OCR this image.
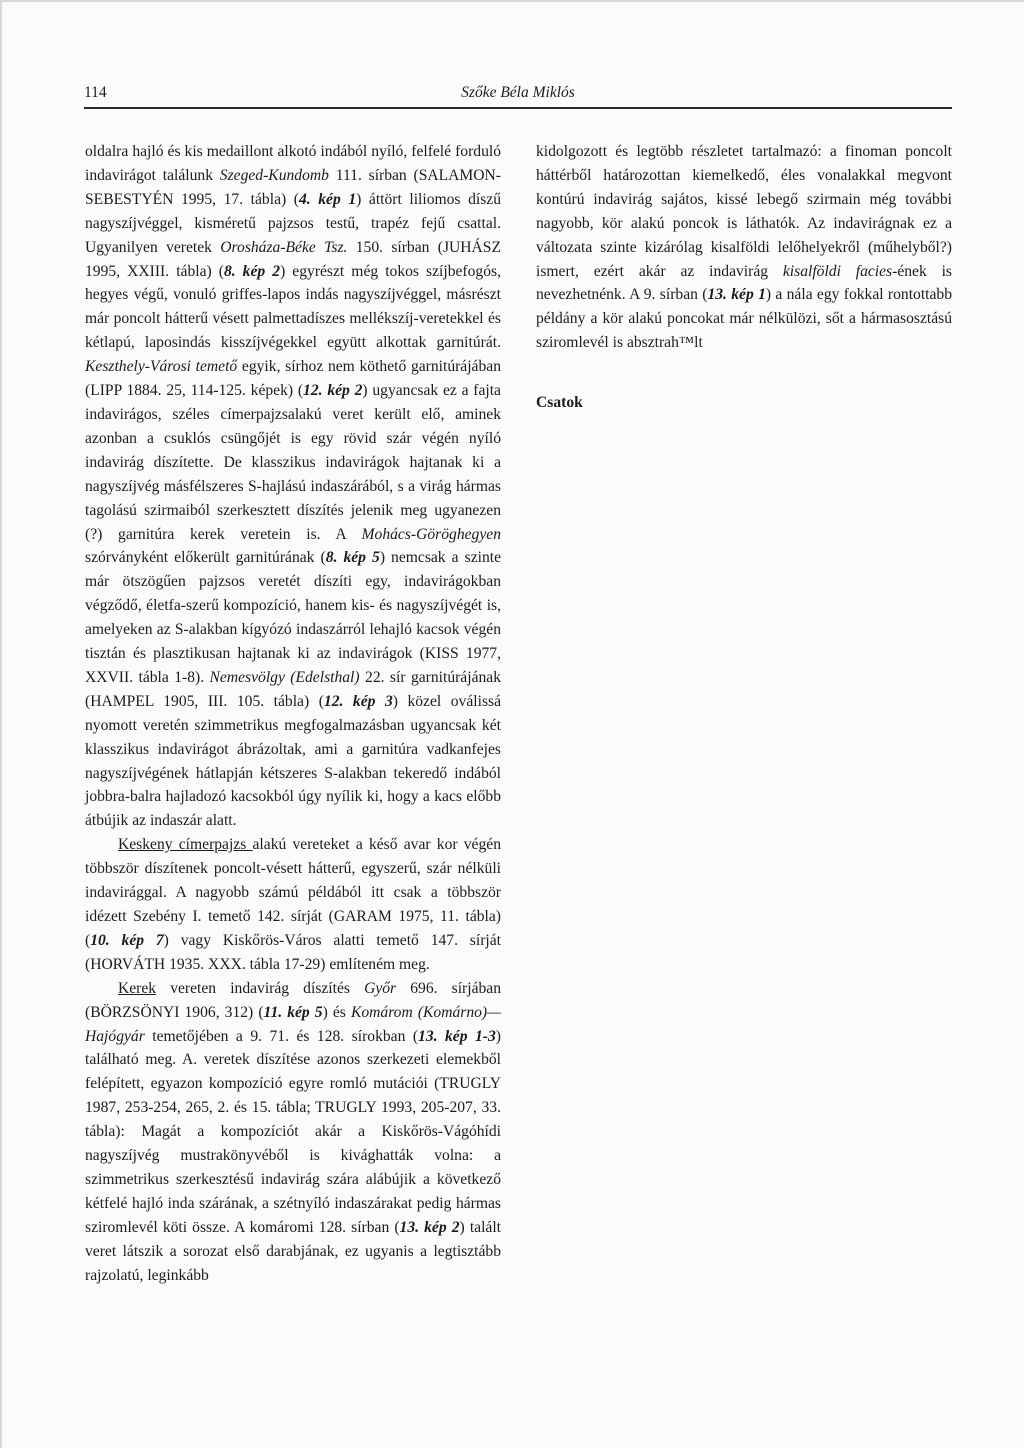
114	Szőke Béla Miklós

oldalra hajló és kis medaillont alkotó indából nyíló, felfelé forduló indavirágot találunk Szeged-Kundomb 111. sírban (SALAMON-SEBESTYÉN 1995, 17. tábla) (4. kép 1) áttört liliomos díszű nagyszíjvéggel, kisméretű pajzsos testű, trapéz fejű csattal. Ugyanilyen veretek Orosháza-Béke Tsz. 150. sírban (JUHÁSZ 1995, XXIII. tábla) (8. kép 2) egyrészt még tokos szíjbefogós, hegyes végű, vonuló griffes-lapos indás nagyszíjvéggel, másrészt már poncolt hátterű vésett palmettadíszes mellékszíj-veretekkel és kétlapú, laposindás kisszíjvégekkel együtt alkottak garnitúrát. Keszthely-Városi temető egyik, sírhoz nem köthető garnitúrájában (LIPP 1884. 25, 114-125. képek) (12. kép 2) ugyancsak ez a fajta indavirágos, széles címerpajzsalakú veret került elő, aminek azonban a csuklós csüngőjét is egy rövid szár végén nyíló indavirág díszítette. De klasszikus indavirágok hajtanak ki a nagyszíjvég másfélszeres S-hajlású indaszárából, s a virág hármas tagolású szirmaiból szerkesztett díszítés jelenik meg ugyanezen (?) garnitúra kerek veretein is. A Mohács-Göröghegyen szórványként előkerült garnitúrának (8. kép 5) nemcsak a szinte már ötszögűen pajzsos veretét díszíti egy, indavirágokban végződő, életfa-szerű kompozíció, hanem kis- és nagyszíjvégét is, amelyeken az S-alakban kígyózó indaszárról lehajló kacsok végén tisztán és plasztikusan hajtanak ki az indavirágok (KISS 1977, XXVII. tábla 1-8). Nemesvölgy (Edelsthal) 22. sír garnitúrájának (HAMPEL 1905, III. 105. tábla) (12. kép 3) közel oválissá nyomott veretén szimmetrikus megfogalmazásban ugyancsak két klasszikus indavirágot ábrázoltak, ami a garnitúra vadkanfejes nagyszíjvégének hátlapján kétszeres S-alakban tekeredő indából jobbra-balra hajladozó kacsokból úgy nyílik ki, hogy a kacs előbb átbújik az indaszár alatt.

Keskeny címerpajzs alakú vereteket a késő avar kor végén többször díszítenek poncolt-vésett hátterű, egyszerű, szár nélküli indavirággal. A nagyobb számú példából itt csak a többször idézett Szebény I. temető 142. sírját (GARAM 1975, 11. tábla) (10. kép 7) vagy Kiskőrös-Város alatti temető 147. sírját (HORVÁTH 1935. XXX. tábla 17-29) említeném meg.

Kerek vereten indavirág díszítés Győr 696. sírjában (BÖRZSÖNYI 1906, 312) (11. kép 5) és Komárom (Komárno)—Hajógyár temetőjében a 9. 71. és 128. sírokban (13. kép 1-3) található meg. A. veretek díszítése azonos szerkezeti elemekből felépített, egyazon kompozíció egyre romló mutációi (TRUGLY 1987, 253-254, 265, 2. és 15. tábla; TRUGLY 1993, 205-207, 33. tábla): Magát a kompozíciót akár a Kiskőrös-Vágóhídi nagyszíjvég mustrakönyvéből is kivághatták volna: a szimmetrikus szerkesztésű indavirág szára alábújik a következő kétfelé hajló inda szárának, a szétnyíló indaszárakat pedig hármas sziromlevél köti össze. A komáromi 128. sírban (13. kép 2) talált veret látszik a sorozat első darabjának, ez ugyanis a legtisztább rajzolatú, leginkább

kidolgozott és legtöbb részletet tartalmazó: a finoman poncolt háttérből határozottan kiemelkedő, éles vonalakkal megvont kontúrú indavirág sajátos, kissé lebegő szirmain még további nagyobb, kör alakú poncok is láthatók. Az indavirágnak ez a változata szinte kizárólag kisalföldi lelőhelyekről (műhelyből?) ismert, ezért akár az indavirág kisalföldi facies-ének is nevezhetnénk. A 9. sírban (13. kép 1) a nála egy fokkal rontottabb példány a kör alakú poncokat már nélkülözi, sőt a hármasosztású sziromlevél is absztrah™lt

Csatok
